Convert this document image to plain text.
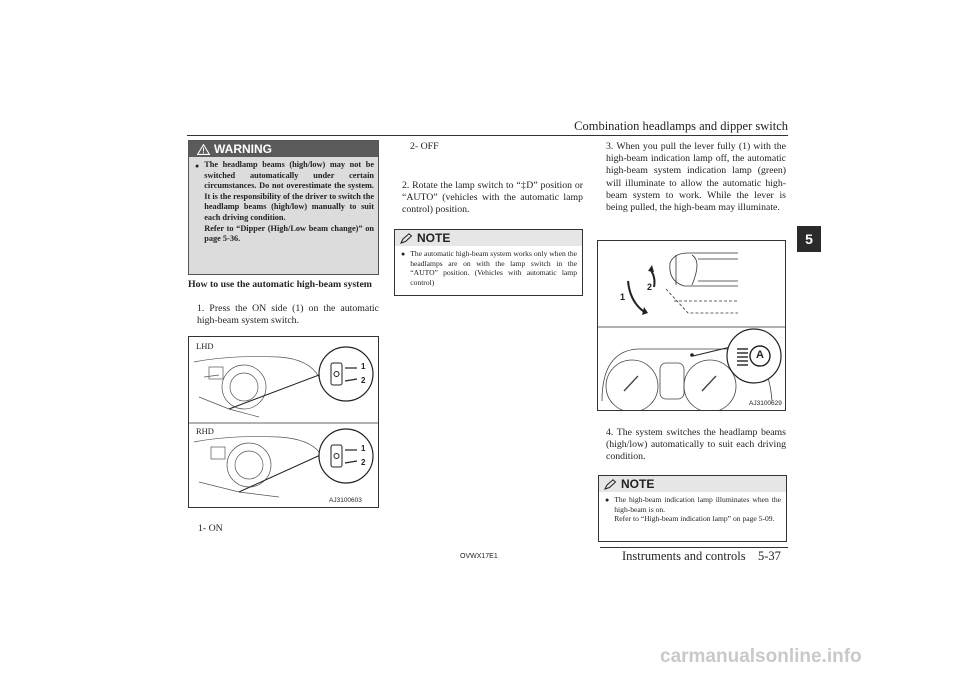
Combination headlamps and dipper switch
5
WARNING
● The headlamp beams (high/low) may not be switched automatically under certain circumstances. Do not overestimate the system. It is the responsibility of the driver to switch the headlamp beams (high/low) manually to suit each driving condition.
Refer to “Dipper (High/Low beam change)” on page 5-36.
How to use the automatic high-beam system
1. Press the ON side (1) on the automatic high-beam system switch.
LHD
RHD
1
2
1
2
AJ3100603
1- ON
2- OFF
2. Rotate the lamp switch to “‡D” position or “AUTO” (vehicles with the automatic lamp control) position.
NOTE
● The automatic high-beam system works only when the headlamps are on with the lamp switch in the “AUTO” position. (Vehicles with automatic lamp control)
3. When you pull the lever fully (1) with the high-beam indication lamp off, the automatic high-beam system indication lamp (green) will illuminate to allow the automatic high-beam system to work. While the lever is being pulled, the high-beam may illuminate.
1
2
A
AJ3100629
4. The system switches the headlamp beams (high/low) automatically to suit each driving condition.
NOTE
● The high-beam indication lamp illuminates when the high-beam is on.
Refer to “High-beam indication lamp” on page 5-09.
OVWX17E1	Instruments and controls 5-37
carmanualsonline.info
